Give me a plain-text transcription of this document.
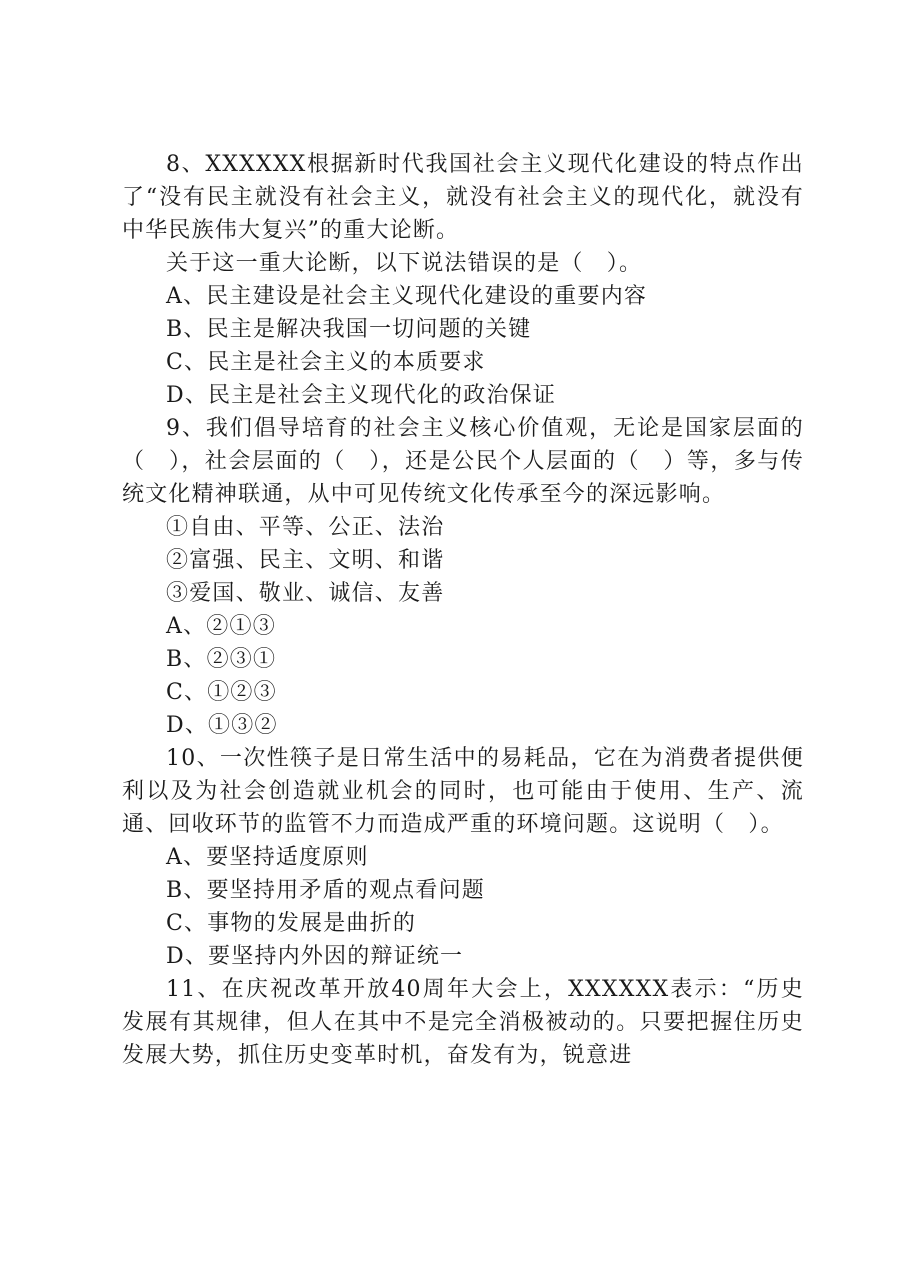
8、XXXXXX根据新时代我国社会主义现代化建设的特点作出了“没有民主就没有社会主义，就没有社会主义的现代化，就没有中华民族伟大复兴”的重大论断。

关于这一重大论断，以下说法错误的是（　）。

A、民主建设是社会主义现代化建设的重要内容

B、民主是解决我国一切问题的关键

C、民主是社会主义的本质要求

D、民主是社会主义现代化的政治保证

9、我们倡导培育的社会主义核心价值观，无论是国家层面的（　），社会层面的（　），还是公民个人层面的（　）等，多与传统文化精神联通，从中可见传统文化传承至今的深远影响。

①自由、平等、公正、法治

②富强、民主、文明、和谐

③爱国、敬业、诚信、友善

A、②①③

B、②③①

C、①②③

D、①③②

10、一次性筷子是日常生活中的易耗品，它在为消费者提供便利以及为社会创造就业机会的同时，也可能由于使用、生产、流通、回收环节的监管不力而造成严重的环境问题。这说明（　）。

A、要坚持适度原则

B、要坚持用矛盾的观点看问题

C、事物的发展是曲折的

D、要坚持内外因的辩证统一

11、在庆祝改革开放40周年大会上，XXXXXX表示：“历史发展有其规律，但人在其中不是完全消极被动的。只要把握住历史发展大势，抓住历史变革时机，奋发有为，锐意进
